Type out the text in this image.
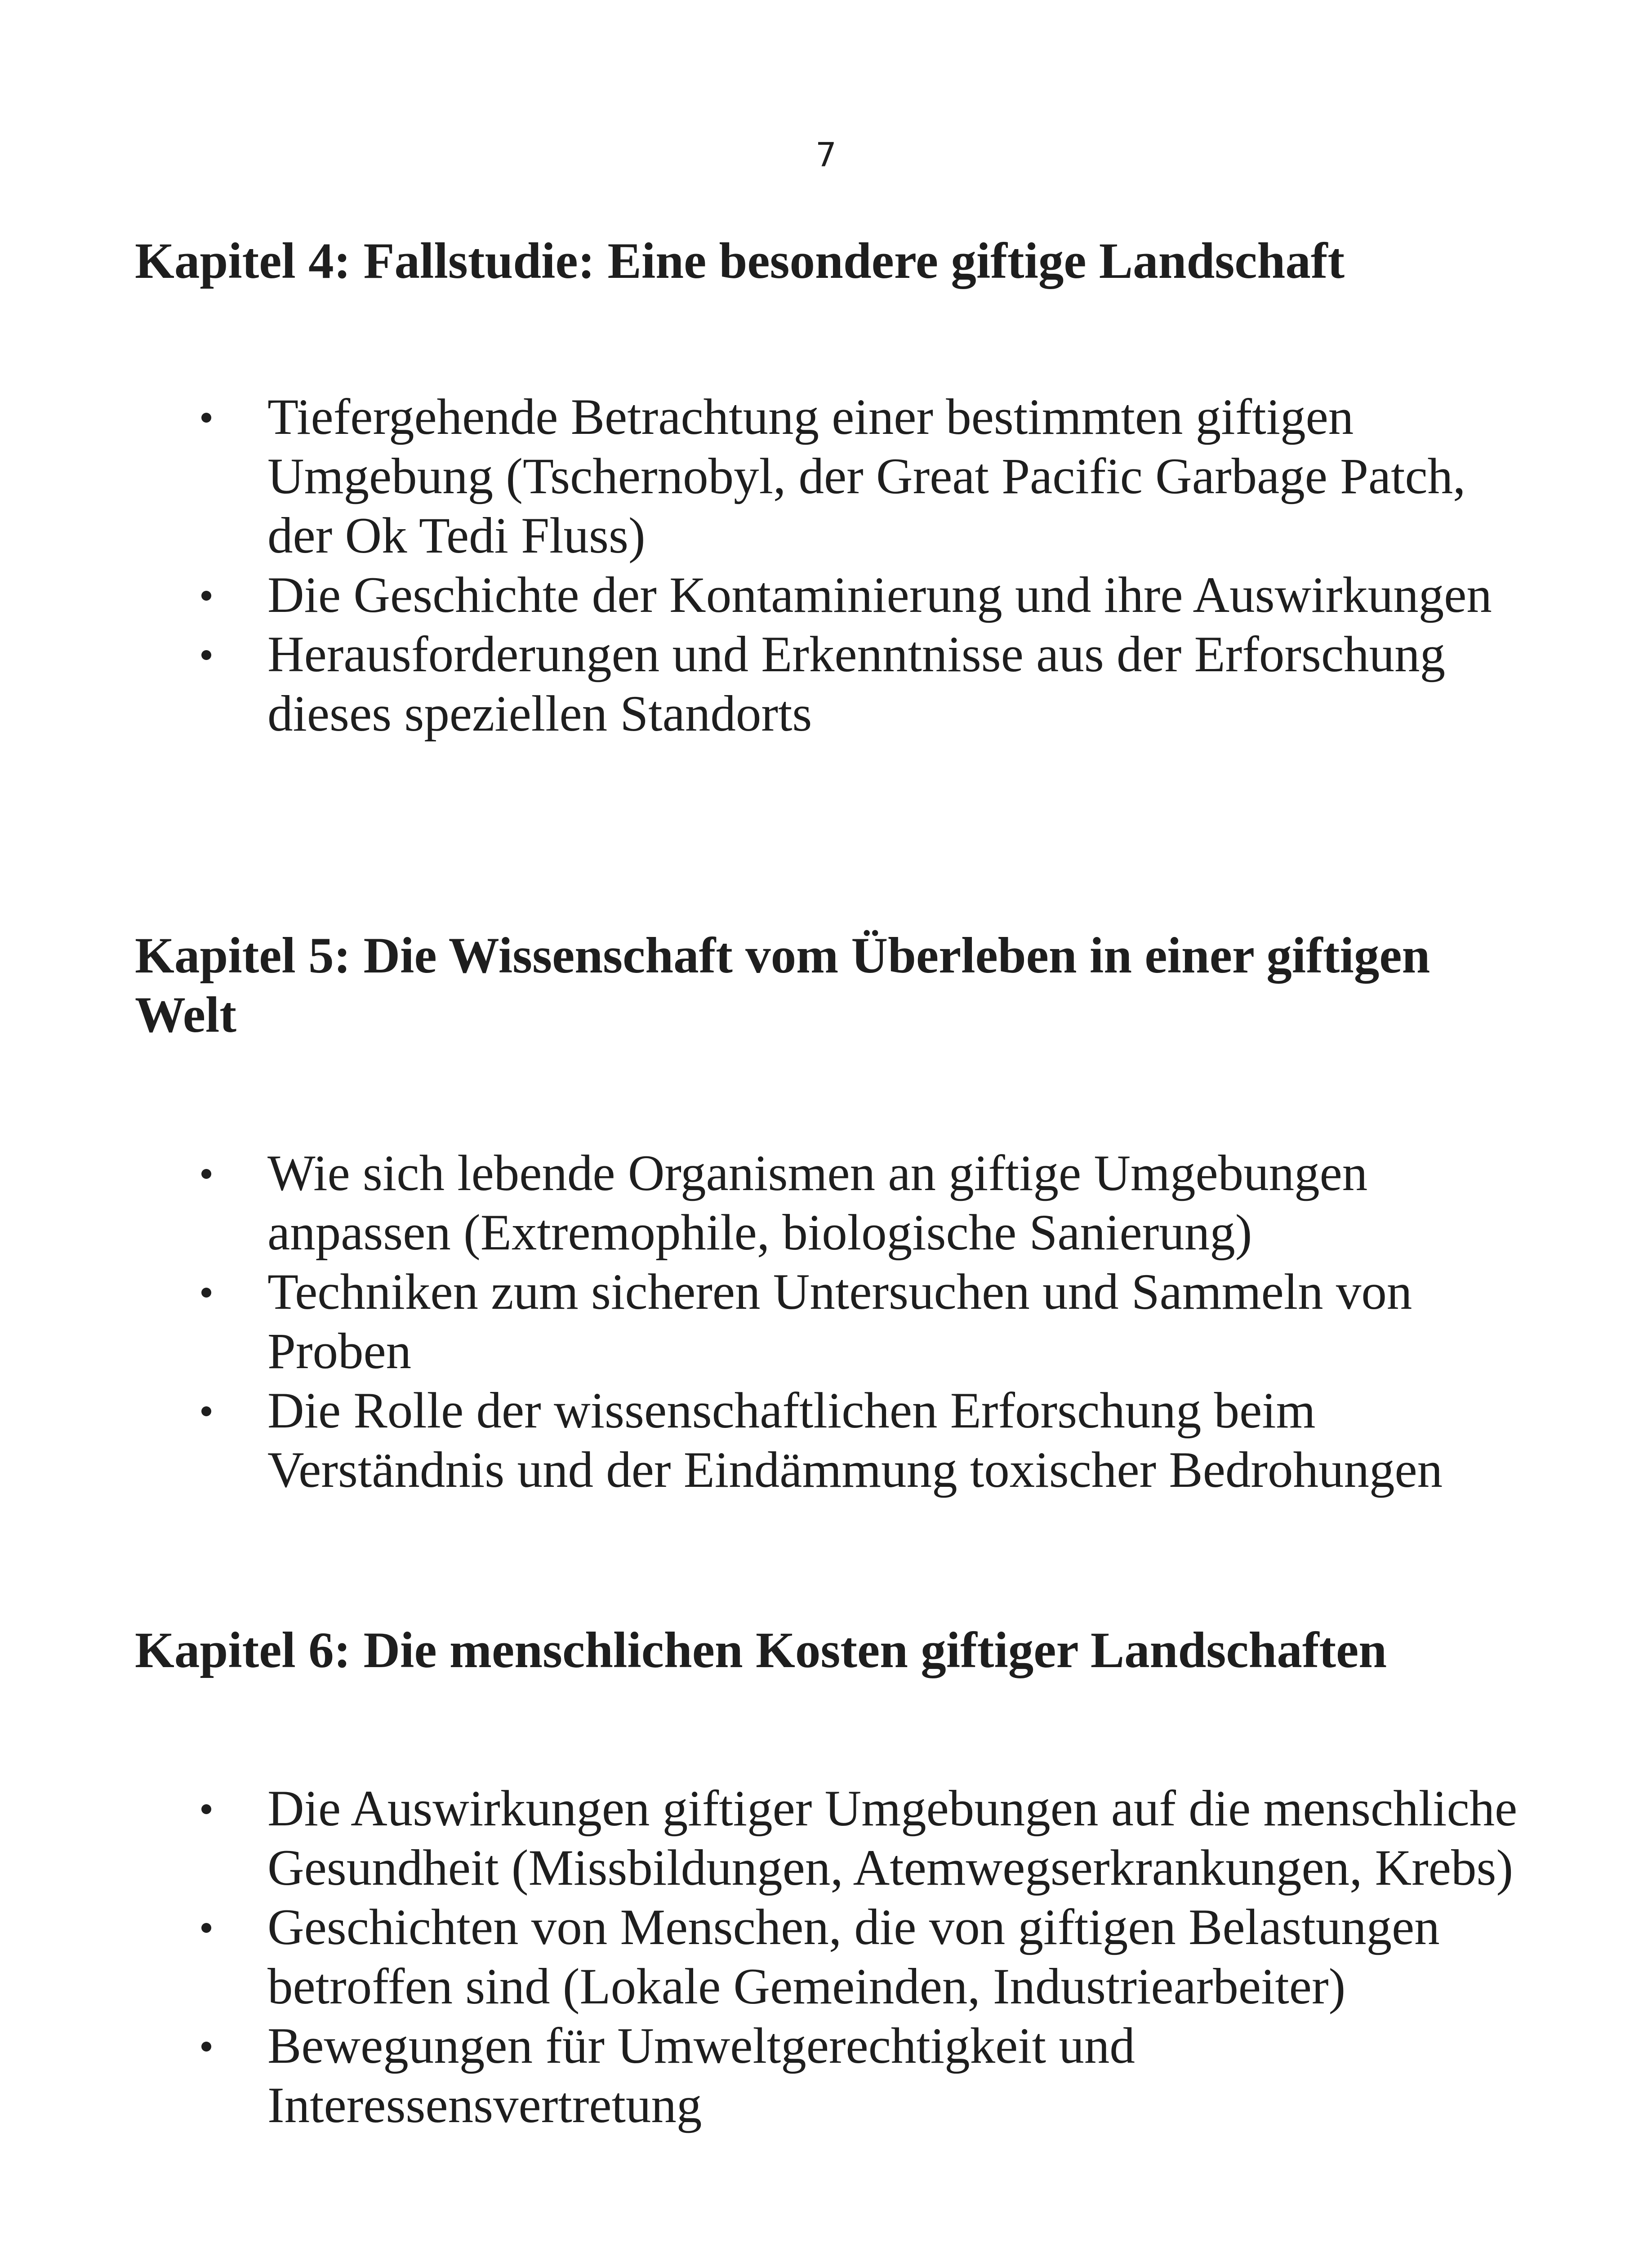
7
Kapitel 4: Fallstudie: Eine besondere giftige Landschaft
Tiefergehende Betrachtung einer bestimmten giftigen Umgebung (Tschernobyl, der Great Pacific Garbage Patch, der Ok Tedi Fluss)
Die Geschichte der Kontaminierung und ihre Auswirkungen
Herausforderungen und Erkenntnisse aus der Erforschung dieses speziellen Standorts
Kapitel 5: Die Wissenschaft vom Überleben in einer giftigen Welt
Wie sich lebende Organismen an giftige Umgebungen anpassen (Extremophile, biologische Sanierung)
Techniken zum sicheren Untersuchen und Sammeln von Proben
Die Rolle der wissenschaftlichen Erforschung beim Verständnis und der Eindämmung toxischer Bedrohungen
Kapitel 6: Die menschlichen Kosten giftiger Landschaften
Die Auswirkungen giftiger Umgebungen auf die menschliche Gesundheit (Missbildungen, Atemwegserkrankungen, Krebs)
Geschichten von Menschen, die von giftigen Belastungen betroffen sind (Lokale Gemeinden, Industriearbeiter)
Bewegungen für Umweltgerechtigkeit und Interessensvertretung
